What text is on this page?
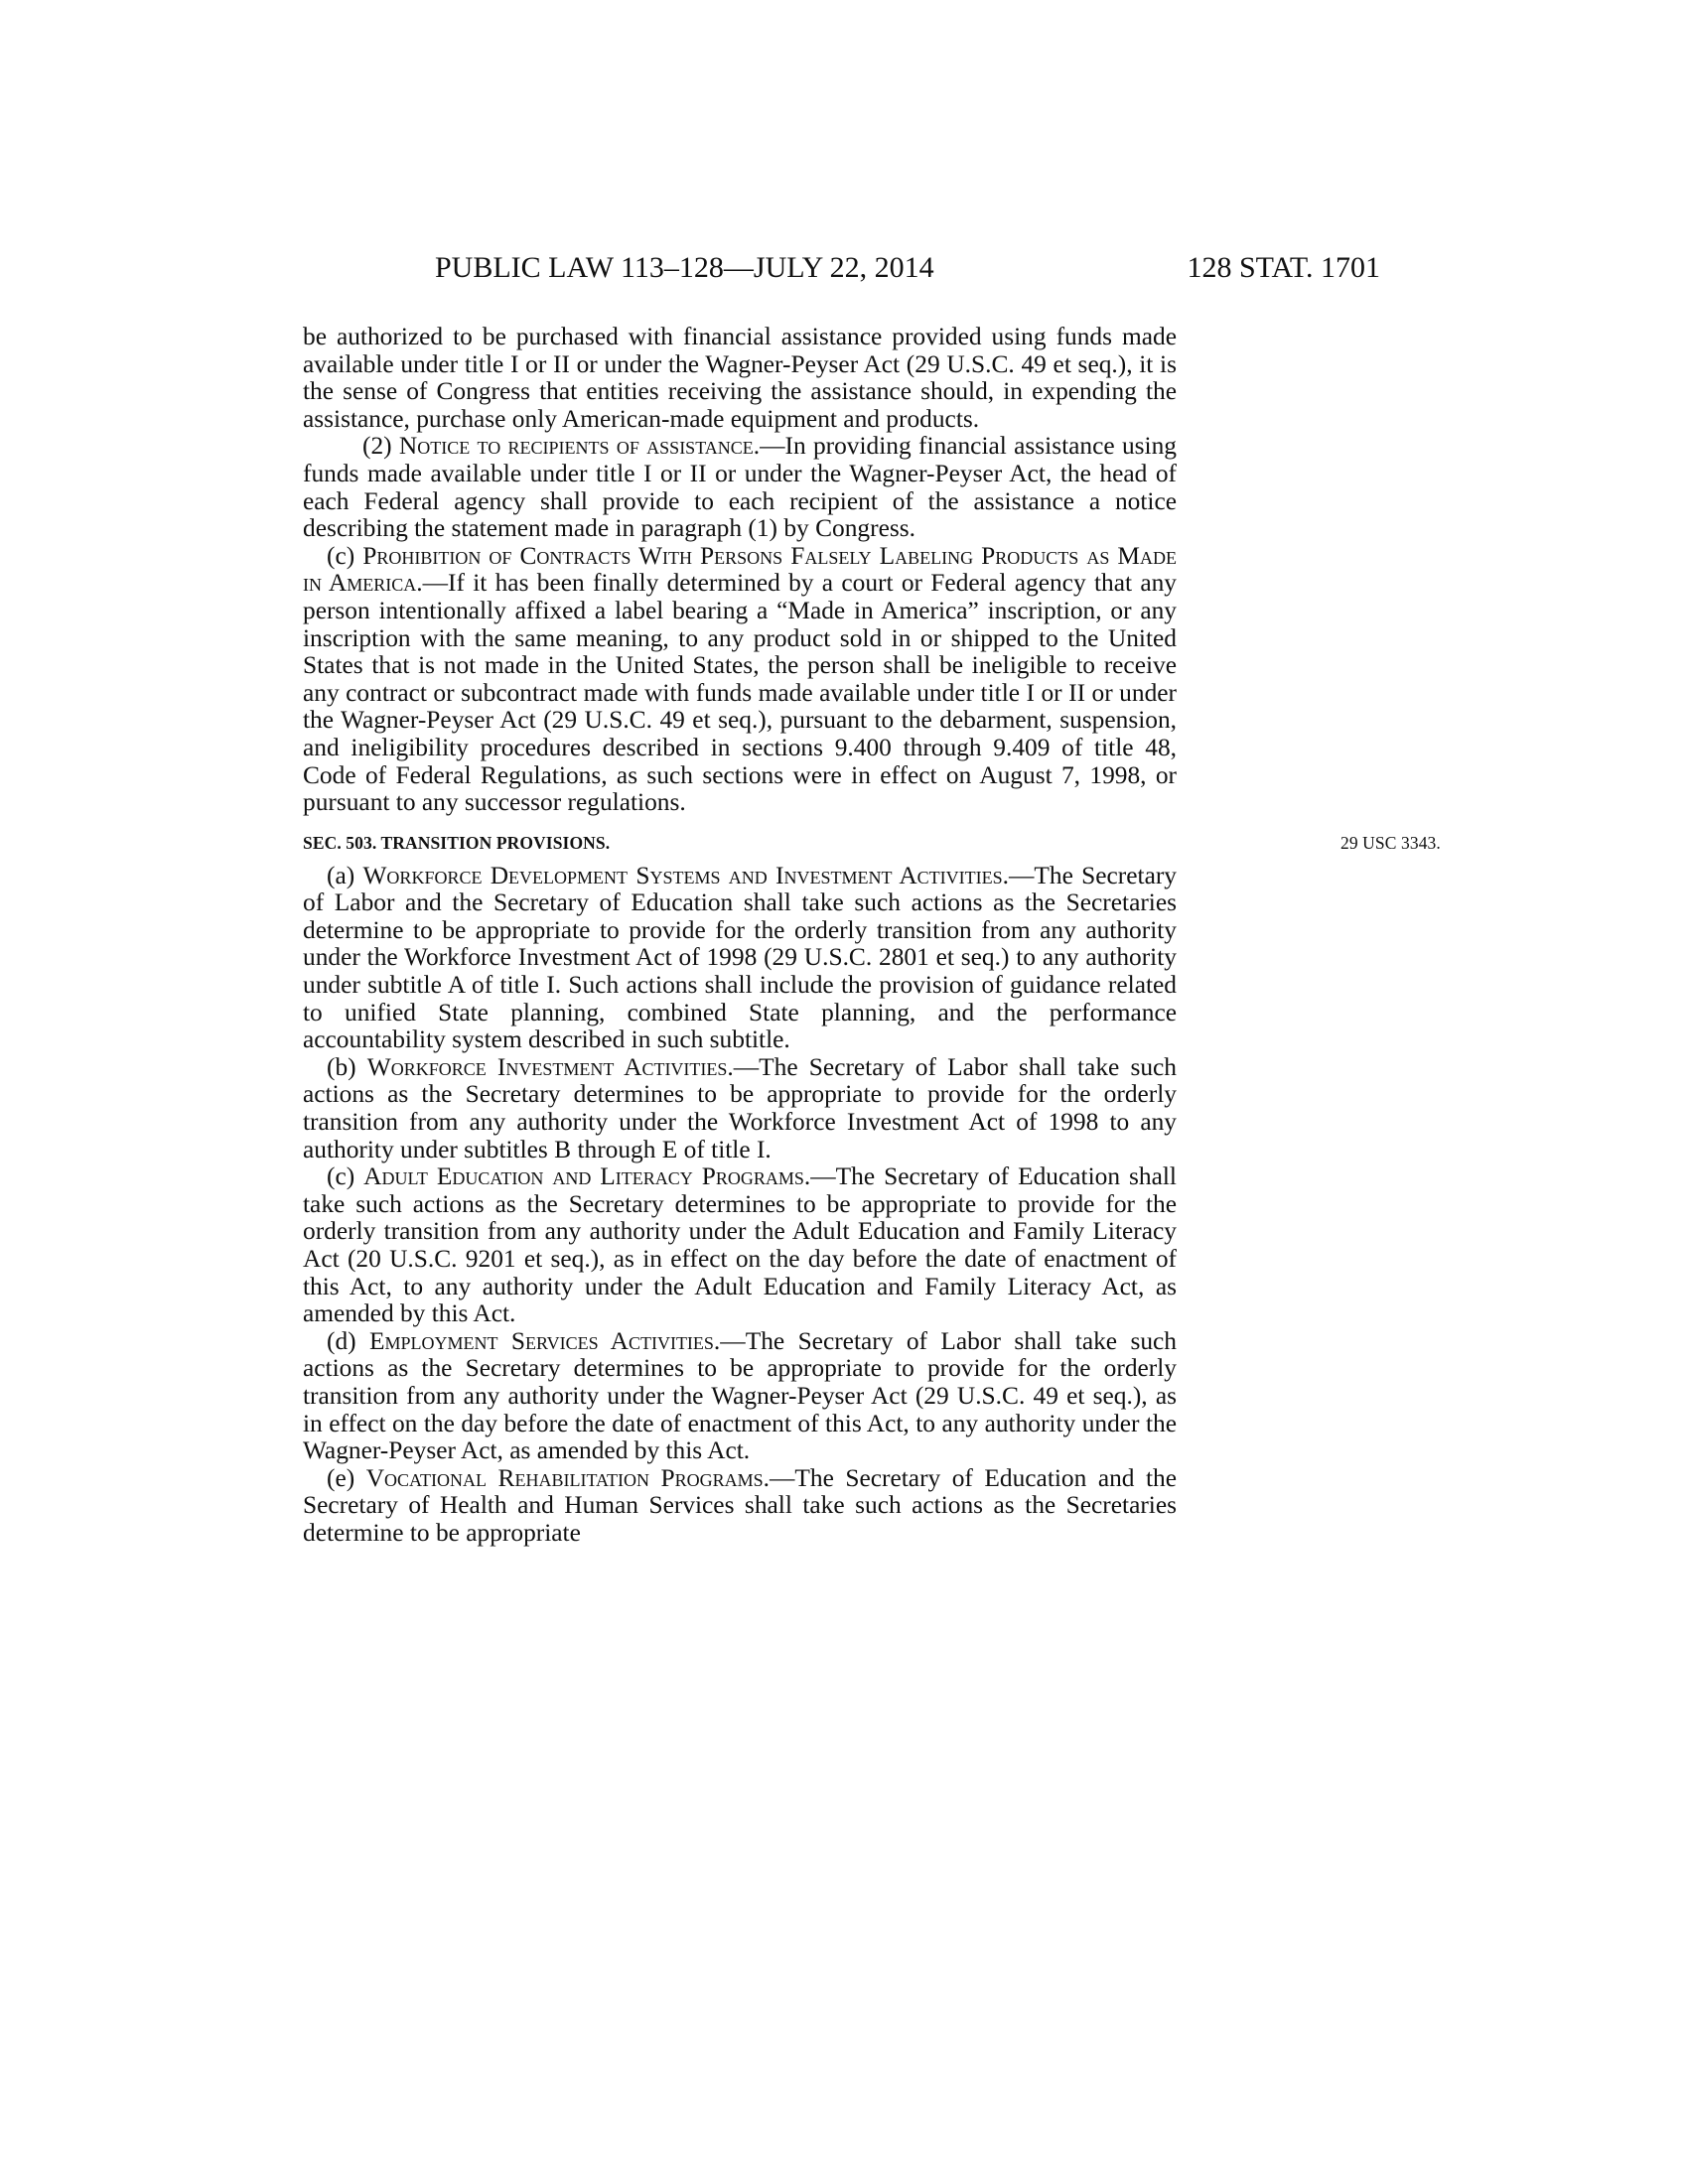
PUBLIC LAW 113–128—JULY 22, 2014	128 STAT. 1701

be authorized to be purchased with financial assistance provided using funds made available under title I or II or under the Wagner-Peyser Act (29 U.S.C. 49 et seq.), it is the sense of Congress that entities receiving the assistance should, in expending the assistance, purchase only American-made equipment and products.

(2) Notice to recipients of assistance.—In providing financial assistance using funds made available under title I or II or under the Wagner-Peyser Act, the head of each Federal agency shall provide to each recipient of the assistance a notice describing the statement made in paragraph (1) by Congress.

(c) Prohibition of Contracts With Persons Falsely Labeling Products as Made in America.—If it has been finally determined by a court or Federal agency that any person intentionally affixed a label bearing a “Made in America” inscription, or any inscription with the same meaning, to any product sold in or shipped to the United States that is not made in the United States, the person shall be ineligible to receive any contract or subcontract made with funds made available under title I or II or under the Wagner-Peyser Act (29 U.S.C. 49 et seq.), pursuant to the debarment, suspension, and ineligibility procedures described in sections 9.400 through 9.409 of title 48, Code of Federal Regulations, as such sections were in effect on August 7, 1998, or pursuant to any successor regulations.

SEC. 503. TRANSITION PROVISIONS.	29 USC 3343.

(a) Workforce Development Systems and Investment Activities.—The Secretary of Labor and the Secretary of Education shall take such actions as the Secretaries determine to be appropriate to provide for the orderly transition from any authority under the Workforce Investment Act of 1998 (29 U.S.C. 2801 et seq.) to any authority under subtitle A of title I. Such actions shall include the provision of guidance related to unified State planning, combined State planning, and the performance accountability system described in such subtitle.

(b) Workforce Investment Activities.—The Secretary of Labor shall take such actions as the Secretary determines to be appropriate to provide for the orderly transition from any authority under the Workforce Investment Act of 1998 to any authority under subtitles B through E of title I.

(c) Adult Education and Literacy Programs.—The Secretary of Education shall take such actions as the Secretary determines to be appropriate to provide for the orderly transition from any authority under the Adult Education and Family Literacy Act (20 U.S.C. 9201 et seq.), as in effect on the day before the date of enactment of this Act, to any authority under the Adult Education and Family Literacy Act, as amended by this Act.

(d) Employment Services Activities.—The Secretary of Labor shall take such actions as the Secretary determines to be appropriate to provide for the orderly transition from any authority under the Wagner-Peyser Act (29 U.S.C. 49 et seq.), as in effect on the day before the date of enactment of this Act, to any authority under the Wagner-Peyser Act, as amended by this Act.

(e) Vocational Rehabilitation Programs.—The Secretary of Education and the Secretary of Health and Human Services shall take such actions as the Secretaries determine to be appropriate
